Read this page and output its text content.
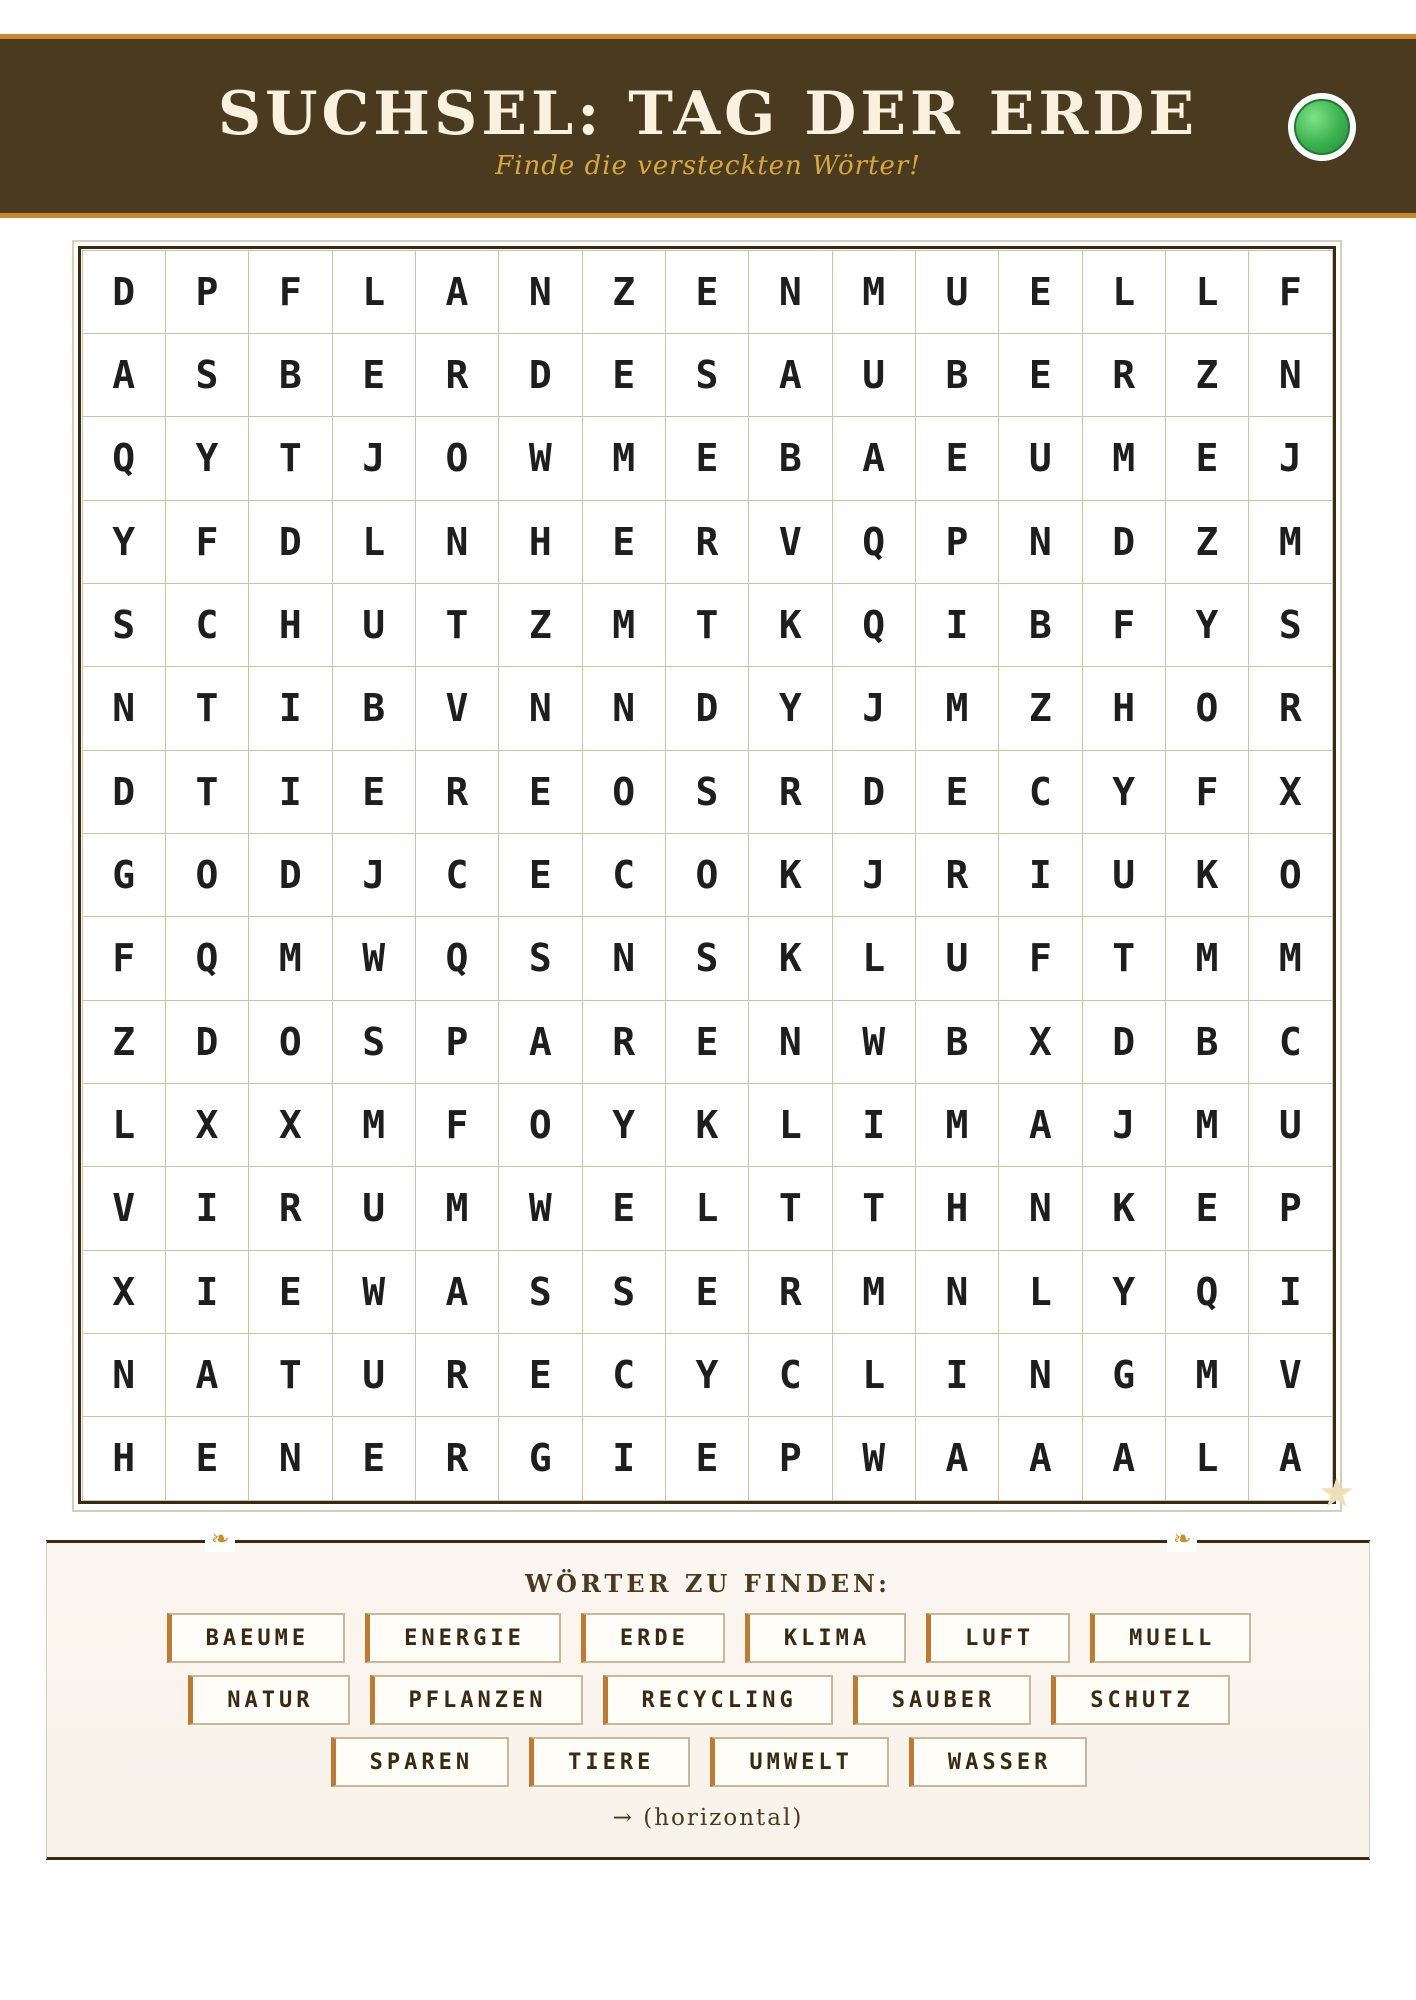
SUCHSEL: TAG DER ERDE
Finde die versteckten Wörter!
D	P	F	L	A	N	Z	E	N	M	U	E	L	L	F
A	S	B	E	R	D	E	S	A	U	B	E	R	Z	N
Q	Y	T	J	O	W	M	E	B	A	E	U	M	E	J
Y	F	D	L	N	H	E	R	V	Q	P	N	D	Z	M
S	C	H	U	T	Z	M	T	K	Q	I	B	F	Y	S
N	T	I	B	V	N	N	D	Y	J	M	Z	H	O	R
D	T	I	E	R	E	O	S	R	D	E	C	Y	F	X
G	O	D	J	C	E	C	O	K	J	R	I	U	K	O
F	Q	M	W	Q	S	N	S	K	L	U	F	T	M	M
Z	D	O	S	P	A	R	E	N	W	B	X	D	B	C
L	X	X	M	F	O	Y	K	L	I	M	A	J	M	U
V	I	R	U	M	W	E	L	T	T	H	N	K	E	P
X	I	E	W	A	S	S	E	R	M	N	L	Y	Q	I
N	A	T	U	R	E	C	Y	C	L	I	N	G	M	V
H	E	N	E	R	G	I	E	P	W	A	A	A	L	A
★
❧	❧
WÖRTER ZU FINDEN:
BAEUME	ENERGIE	ERDE	KLIMA	LUFT	MUELL
NATUR	PFLANZEN	RECYCLING	SAUBER	SCHUTZ
SPAREN	TIERE	UMWELT	WASSER
→ (horizontal)
